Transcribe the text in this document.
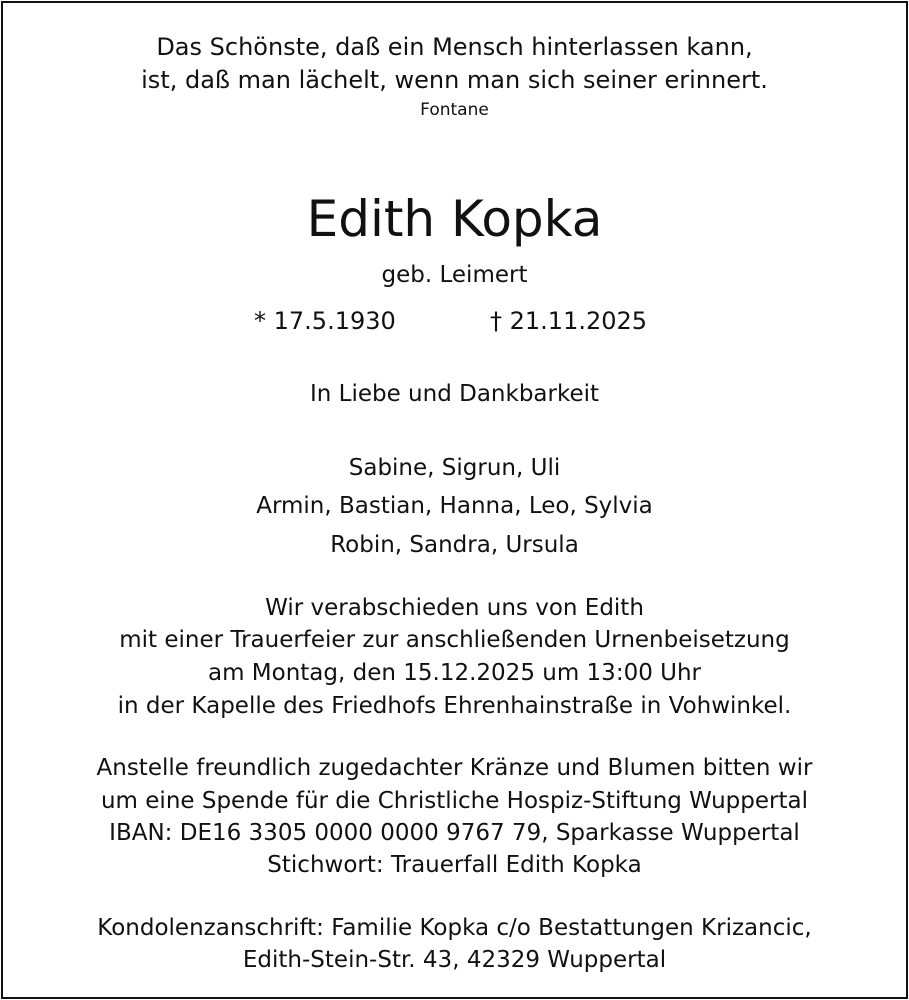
Das Schönste, daß ein Mensch hinterlassen kann,
ist, daß man lächelt, wenn man sich seiner erinnert.
Fontane
Edith Kopka
geb. Leimert
* 17.5.1930	† 21.11.2025
In Liebe und Dankbarkeit
Sabine, Sigrun, Uli
Armin, Bastian, Hanna, Leo, Sylvia
Robin, Sandra, Ursula
Wir verabschieden uns von Edith
mit einer Trauerfeier zur anschließenden Urnenbeisetzung
am Montag, den 15.12.2025 um 13:00 Uhr
in der Kapelle des Friedhofs Ehrenhainstraße in Vohwinkel.
Anstelle freundlich zugedachter Kränze und Blumen bitten wir
um eine Spende für die Christliche Hospiz-Stiftung Wuppertal
IBAN: DE16 3305 0000 0000 9767 79, Sparkasse Wuppertal
Stichwort: Trauerfall Edith Kopka
Kondolenzanschrift: Familie Kopka c/o Bestattungen Krizancic,
Edith-Stein-Str. 43, 42329 Wuppertal
